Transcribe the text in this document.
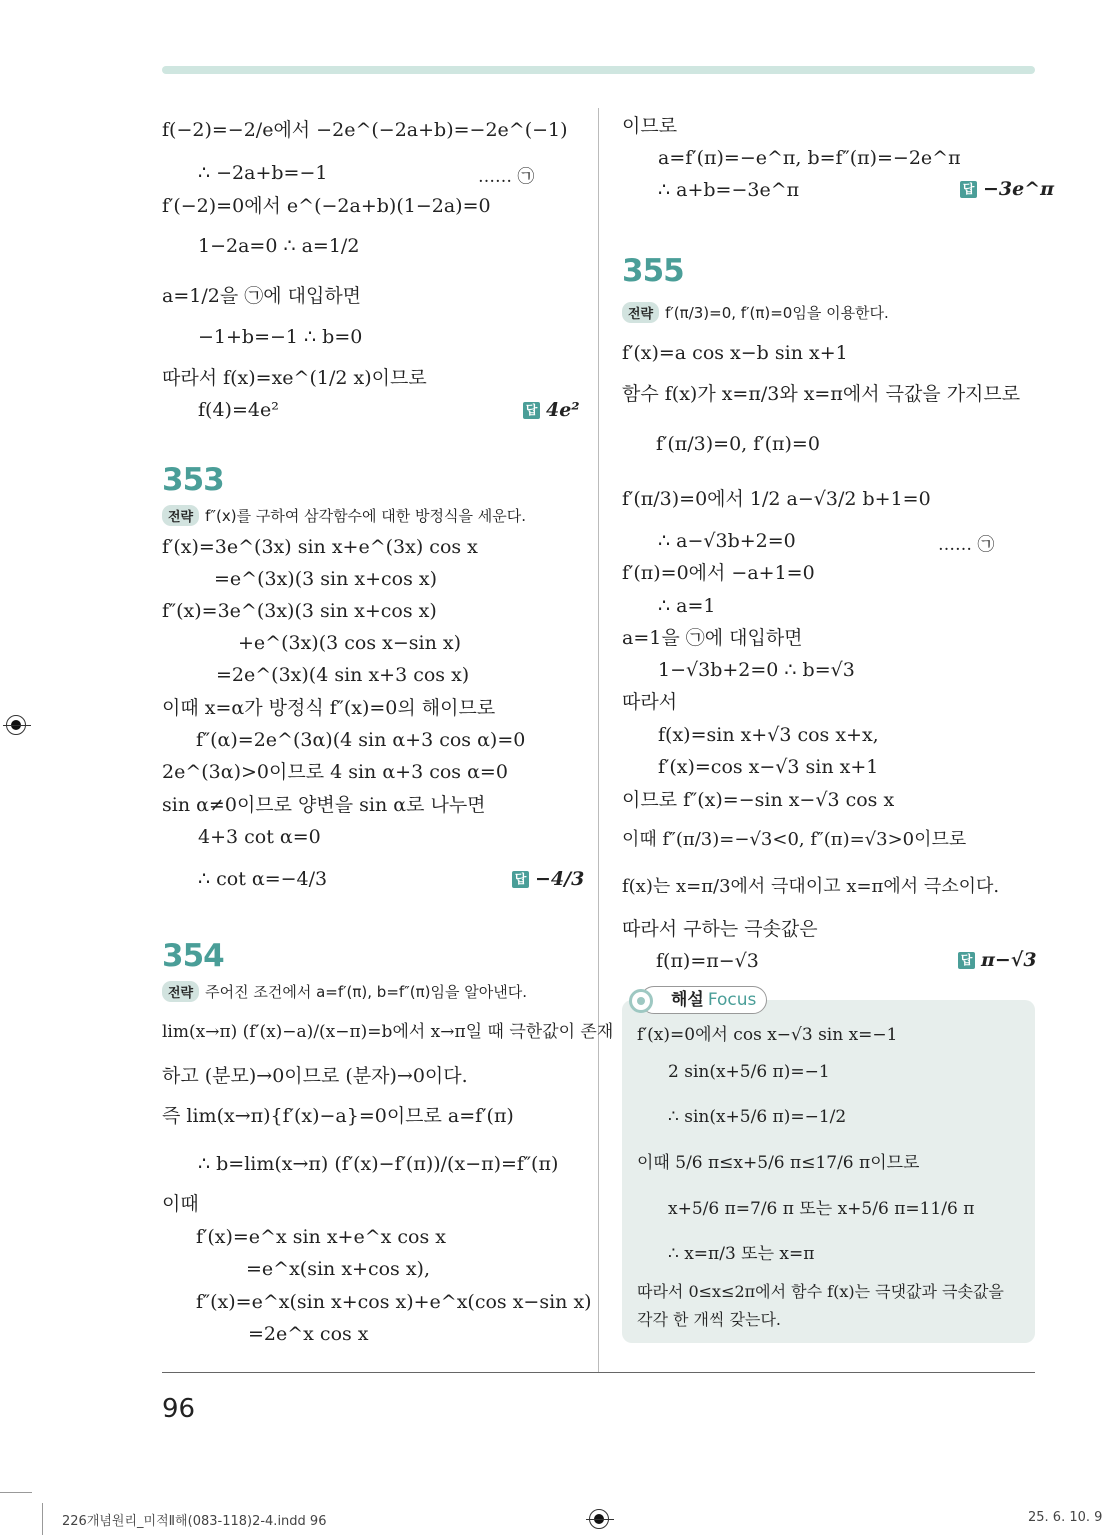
f(−2)=−2/e에서 −2e^(−2a+b)=−2e^(−1)
∴ −2a+b=−1	…… ㉠
f′(−2)=0에서 e^(−2a+b)(1−2a)=0
1−2a=0 ∴ a=1/2
a=1/2을 ㉠에 대입하면
−1+b=−1 ∴ b=0
따라서 f(x)=xe^(1/2 x)이므로
f(4)=4e²	답 4e²
353
전략 f″(x)를 구하여 삼각함수에 대한 방정식을 세운다.
f′(x)=3e^(3x) sin x+e^(3x) cos x
=e^(3x)(3 sin x+cos x)
f″(x)=3e^(3x)(3 sin x+cos x)
+e^(3x)(3 cos x−sin x)
=2e^(3x)(4 sin x+3 cos x)
이때 x=α가 방정식 f″(x)=0의 해이므로
f″(α)=2e^(3α)(4 sin α+3 cos α)=0
2e^(3α)>0이므로 4 sin α+3 cos α=0
sin α≠0이므로 양변을 sin α로 나누면
4+3 cot α=0
∴ cot α=−4/3	답 −4/3
354
전략 주어진 조건에서 a=f′(π), b=f″(π)임을 알아낸다.
lim(x→π) (f′(x)−a)/(x−π)=b에서 x→π일 때 극한값이 존재
하고 (분모)→0이므로 (분자)→0이다.
즉 lim(x→π){f′(x)−a}=0이므로 a=f′(π)
∴ b=lim(x→π) (f′(x)−f′(π))/(x−π)=f″(π)
이때
f′(x)=e^x sin x+e^x cos x
=e^x(sin x+cos x),
f″(x)=e^x(sin x+cos x)+e^x(cos x−sin x)
=2e^x cos x
이므로
a=f′(π)=−e^π, b=f″(π)=−2e^π
∴ a+b=−3e^π	답 −3e^π
355
전략 f′(π/3)=0, f′(π)=0임을 이용한다.
f′(x)=a cos x−b sin x+1
함수 f(x)가 x=π/3와 x=π에서 극값을 가지므로
f′(π/3)=0, f′(π)=0
f′(π/3)=0에서 1/2 a−√3/2 b+1=0
∴ a−√3b+2=0	…… ㉠
f′(π)=0에서 −a+1=0
∴ a=1
a=1을 ㉠에 대입하면
1−√3b+2=0 ∴ b=√3
따라서
f(x)=sin x+√3 cos x+x,
f′(x)=cos x−√3 sin x+1
이므로 f″(x)=−sin x−√3 cos x
이때 f″(π/3)=−√3<0, f″(π)=√3>0이므로
f(x)는 x=π/3에서 극대이고 x=π에서 극소이다.
따라서 구하는 극솟값은
f(π)=π−√3	답 π−√3
해설 Focus
f′(x)=0에서 cos x−√3 sin x=−1
2 sin(x+5/6 π)=−1
∴ sin(x+5/6 π)=−1/2
이때 5/6 π≤x+5/6 π≤17/6 π이므로
x+5/6 π=7/6 π 또는 x+5/6 π=11/6 π
∴ x=π/3 또는 x=π
따라서 0≤x≤2π에서 함수 f(x)는 극댓값과 극솟값을
각각 한 개씩 갖는다.
96
226개념원리_미적Ⅱ해(083-118)2-4.indd 96	25. 6. 10. 9
